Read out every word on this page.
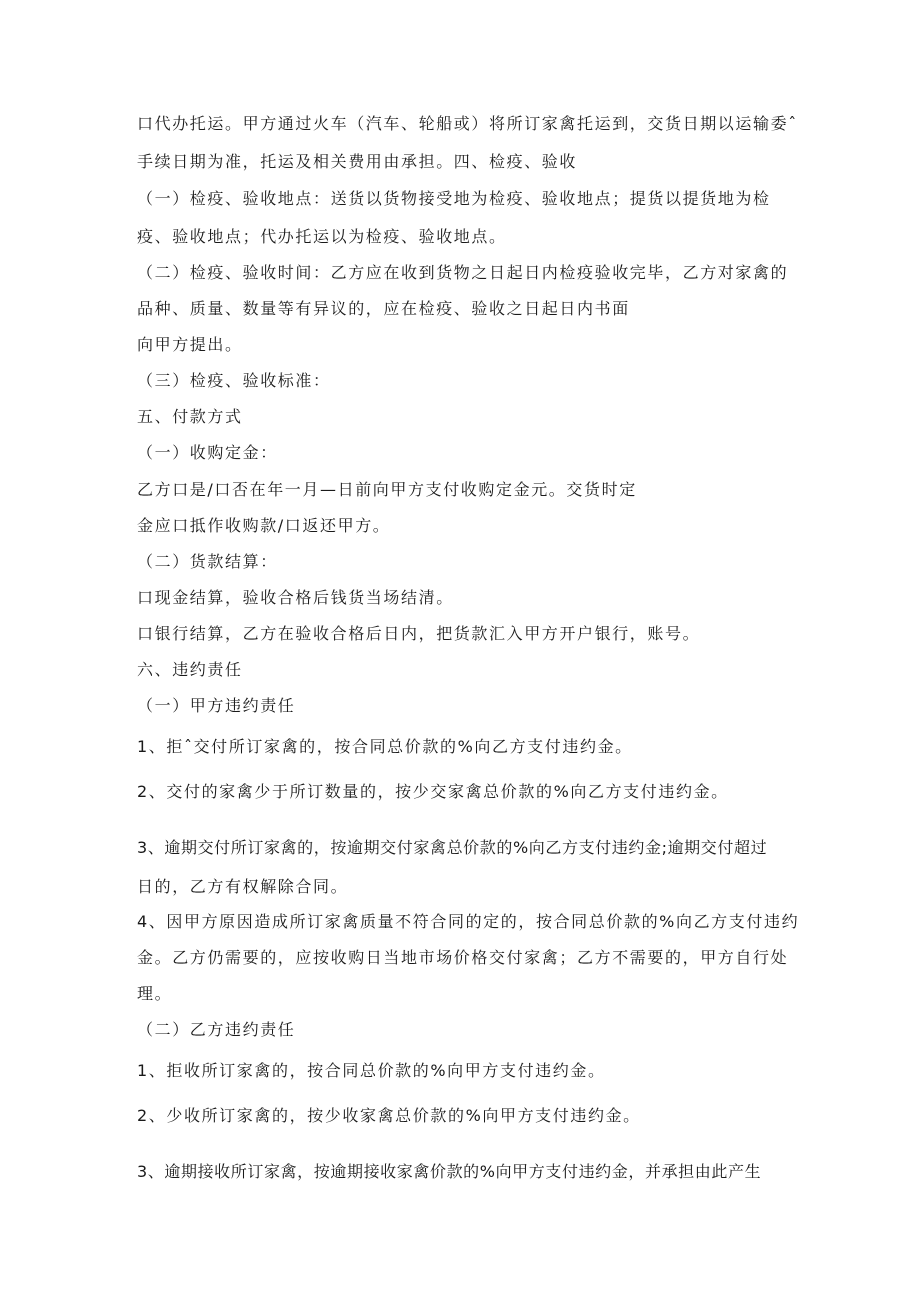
口代办托运。甲方通过火车（汽车、轮船或）将所订家禽托运到，交货日期以运输委ˆ

手续日期为准，托运及相关费用由承担。四、检疫、验收

（一）检疫、验收地点：送货以货物接受地为检疫、验收地点；提货以提货地为检

疫、验收地点；代办托运以为检疫、验收地点。

（二）检疫、验收时间：乙方应在收到货物之日起日内检疫验收完毕，乙方对家禽的

品种、质量、数量等有异议的，应在检疫、验收之日起日内书面

向甲方提出。

（三）检疫、验收标准：

五、付款方式

（一）收购定金：

乙方口是/口否在年一月—日前向甲方支付收购定金元。交货时定

金应口抵作收购款/口返还甲方。

（二）货款结算：

口现金结算，验收合格后钱货当场结清。

口银行结算，乙方在验收合格后日内，把货款汇入甲方开户银行，账号。

六、违约责任

（一）甲方违约责任

1、拒ˆ交付所订家禽的，按合同总价款的%向乙方支付违约金。

2、交付的家禽少于所订数量的，按少交家禽总价款的%向乙方支付违约金。

3、逾期交付所订家禽的，按逾期交付家禽总价款的%向乙方支付违约金;逾期交付超过

日的，乙方有权解除合同。

4、因甲方原因造成所订家禽质量不符合同的定的，按合同总价款的%向乙方支付违约

金。乙方仍需要的，应按收购日当地市场价格交付家禽；乙方不需要的，甲方自行处

理。

（二）乙方违约责任

1、拒收所订家禽的，按合同总价款的%向甲方支付违约金。

2、少收所订家禽的，按少收家禽总价款的%向甲方支付违约金。

3、逾期接收所订家禽，按逾期接收家禽价款的%向甲方支付违约金，并承担由此产生
